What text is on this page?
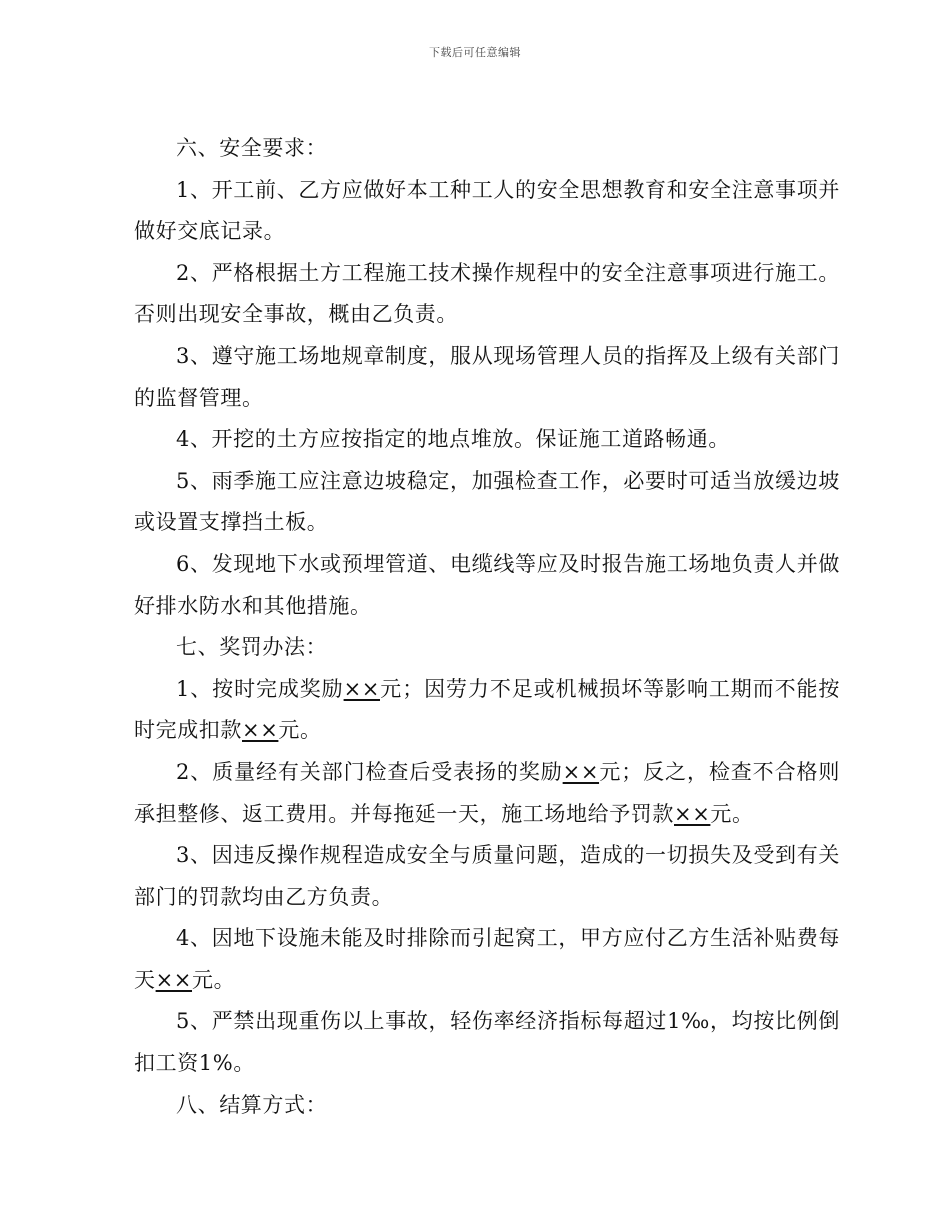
下载后可任意编辑

六、安全要求：

1、开工前、乙方应做好本工种工人的安全思想教育和安全注意事项并做好交底记录。

2、严格根据土方工程施工技术操作规程中的安全注意事项进行施工。否则出现安全事故，概由乙负责。

3、遵守施工场地规章制度，服从现场管理人员的指挥及上级有关部门的监督管理。

4、开挖的土方应按指定的地点堆放。保证施工道路畅通。

5、雨季施工应注意边坡稳定，加强检查工作，必要时可适当放缓边坡或设置支撑挡土板。

6、发现地下水或预埋管道、电缆线等应及时报告施工场地负责人并做好排水防水和其他措施。

七、奖罚办法：

1、按时完成奖励××元；因劳力不足或机械损坏等影响工期而不能按时完成扣款××元。

2、质量经有关部门检查后受表扬的奖励××元；反之，检查不合格则承担整修、返工费用。并每拖延一天，施工场地给予罚款××元。

3、因违反操作规程造成安全与质量问题，造成的一切损失及受到有关部门的罚款均由乙方负责。

4、因地下设施未能及时排除而引起窝工，甲方应付乙方生活补贴费每天××元。

5、严禁出现重伤以上事故，轻伤率经济指标每超过1‰，均按比例倒扣工资1%。

八、结算方式：
